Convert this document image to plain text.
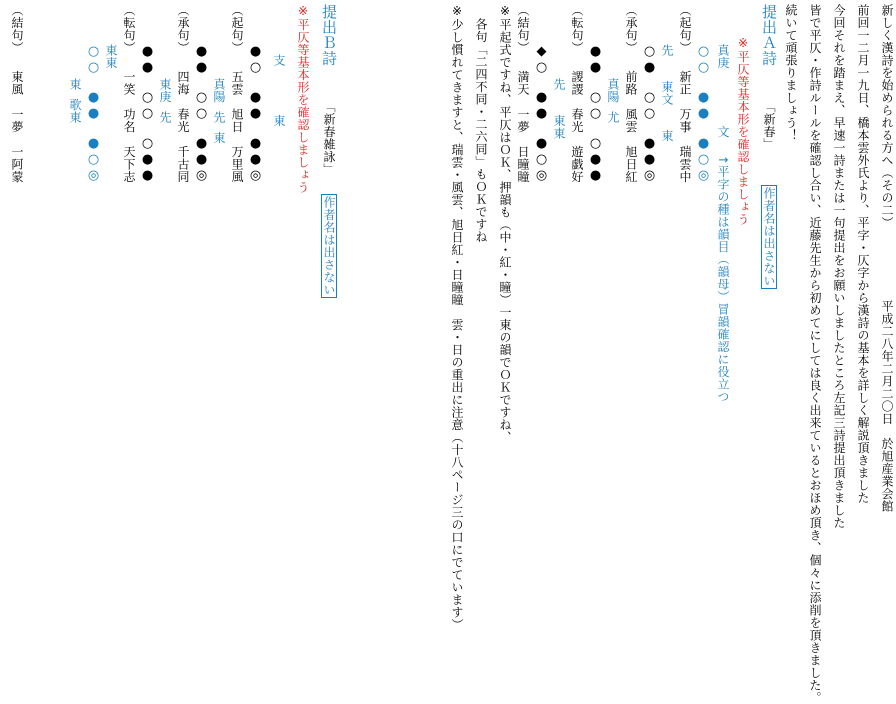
新しく漢詩を始められる方へ（その二）
平成二八年二月二〇日　於旭産業会館
前回一二月一九日、橋本雲外氏より、平字・仄字から漢詩の基本を詳しく解説頂きました
今回それを踏まえ、早速一詩または一句提出をお願いしましたところ左記三詩提出頂きました
皆で平仄・作詩ルールを確認し合い、近藤先生から初めてにしては良く出来ているとおほめ頂き、個々に添削を頂きました。
続いて頑張りましょう！
提出Ａ詩  「新春」  作者名は出さない
※平仄等基本形を確認しましょう
真庚  文  ↑平字の種は韻目（韻母）冒韻確認に役立つ
○○　●●　●○◎
（起句）  新正　万事　瑞雲中
先東文東
○●　○○　●●◎
（承句）  前路　風雲　旭日紅
真陽尤
●●　○○　○●●
（転句）  謖謖　春光　遊戯好
先東東
◆○　●●　●○◎
（結句）  満天　一夢　日瞳瞳
※平起式ですね、平仄はＯＫ、押韻も（中・紅・瞳）一東の韻でＯＫですね、
各句「二四不同・二六同」もＯＫですね
※少し慣れてきますと、瑞雲・風雲、旭日紅・日瞳瞳　雲・日の重出に注意（十八ページ三の口にでています）
提出Ｂ詩  「新春雑詠」  作者名は出さない
※平仄等基本形を確認しましょう
支東
●○　●●　●●◎
（起句）  五雲　旭日　万里風
真陽先東
●●　○○　●●◎
（承句）  四海　春光　千古同
東庚先
●●　○○　○●●
（転句）  一笑　功名　天下志
東東
○○　●●　●○◎
東歌東
（結句）  東風　一夢　一阿蒙
